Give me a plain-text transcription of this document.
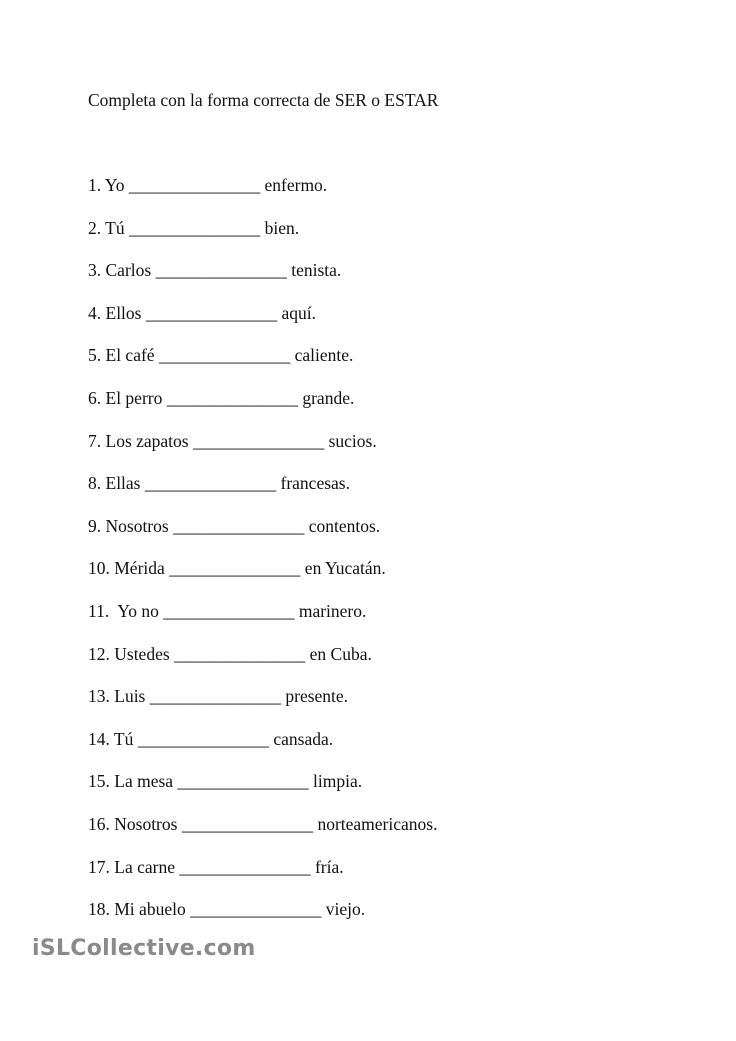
Completa con la forma correcta de SER o ESTAR
1. Yo _______________ enfermo.
2. Tú _______________ bien.
3. Carlos _______________ tenista.
4. Ellos _______________ aquí.
5. El café _______________ caliente.
6. El perro _______________ grande.
7. Los zapatos _______________ sucios.
8. Ellas _______________ francesas.
9. Nosotros _______________ contentos.
10. Mérida _______________ en Yucatán.
11.  Yo no _______________ marinero.
12. Ustedes _______________ en Cuba.
13. Luis _______________ presente.
14. Tú _______________ cansada.
15. La mesa _______________ limpia.
16. Nosotros _______________ norteamericanos.
17. La carne _______________ fría.
18. Mi abuelo _______________ viejo.
iSLCollective.com
